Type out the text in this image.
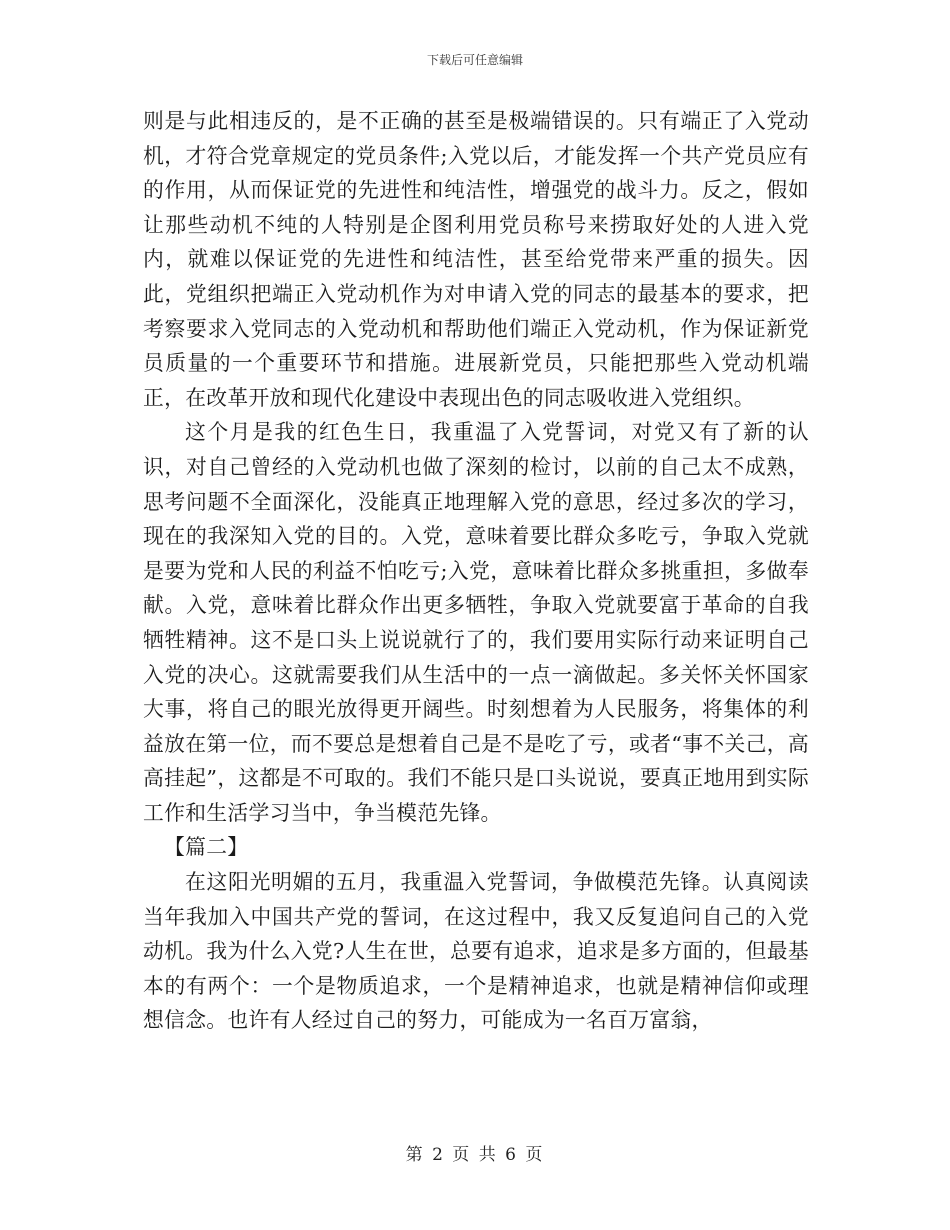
下载后可任意编辑

则是与此相违反的，是不正确的甚至是极端错误的。只有端正了入党动机，才符合党章规定的党员条件;入党以后，才能发挥一个共产党员应有的作用，从而保证党的先进性和纯洁性，增强党的战斗力。反之，假如让那些动机不纯的人特别是企图利用党员称号来捞取好处的人进入党内，就难以保证党的先进性和纯洁性，甚至给党带来严重的损失。因此，党组织把端正入党动机作为对申请入党的同志的最基本的要求，把考察要求入党同志的入党动机和帮助他们端正入党动机，作为保证新党员质量的一个重要环节和措施。进展新党员，只能把那些入党动机端正，在改革开放和现代化建设中表现出色的同志吸收进入党组织。

这个月是我的红色生日，我重温了入党誓词，对党又有了新的认识，对自己曾经的入党动机也做了深刻的检讨，以前的自己太不成熟，思考问题不全面深化，没能真正地理解入党的意思，经过多次的学习，现在的我深知入党的目的。入党，意味着要比群众多吃亏，争取入党就是要为党和人民的利益不怕吃亏;入党，意味着比群众多挑重担，多做奉献。入党，意味着比群众作出更多牺牲，争取入党就要富于革命的自我牺牲精神。这不是口头上说说就行了的，我们要用实际行动来证明自己入党的决心。这就需要我们从生活中的一点一滴做起。多关怀关怀国家大事，将自己的眼光放得更开阔些。时刻想着为人民服务，将集体的利益放在第一位，而不要总是想着自己是不是吃了亏，或者“事不关己，高高挂起”，这都是不可取的。我们不能只是口头说说，要真正地用到实际工作和生活学习当中，争当模范先锋。

【篇二】

在这阳光明媚的五月，我重温入党誓词，争做模范先锋。认真阅读当年我加入中国共产党的誓词，在这过程中，我又反复追问自己的入党动机。我为什么入党?人生在世，总要有追求，追求是多方面的，但最基本的有两个：一个是物质追求，一个是精神追求，也就是精神信仰或理想信念。也许有人经过自己的努力，可能成为一名百万富翁，

第 2 页 共 6 页
